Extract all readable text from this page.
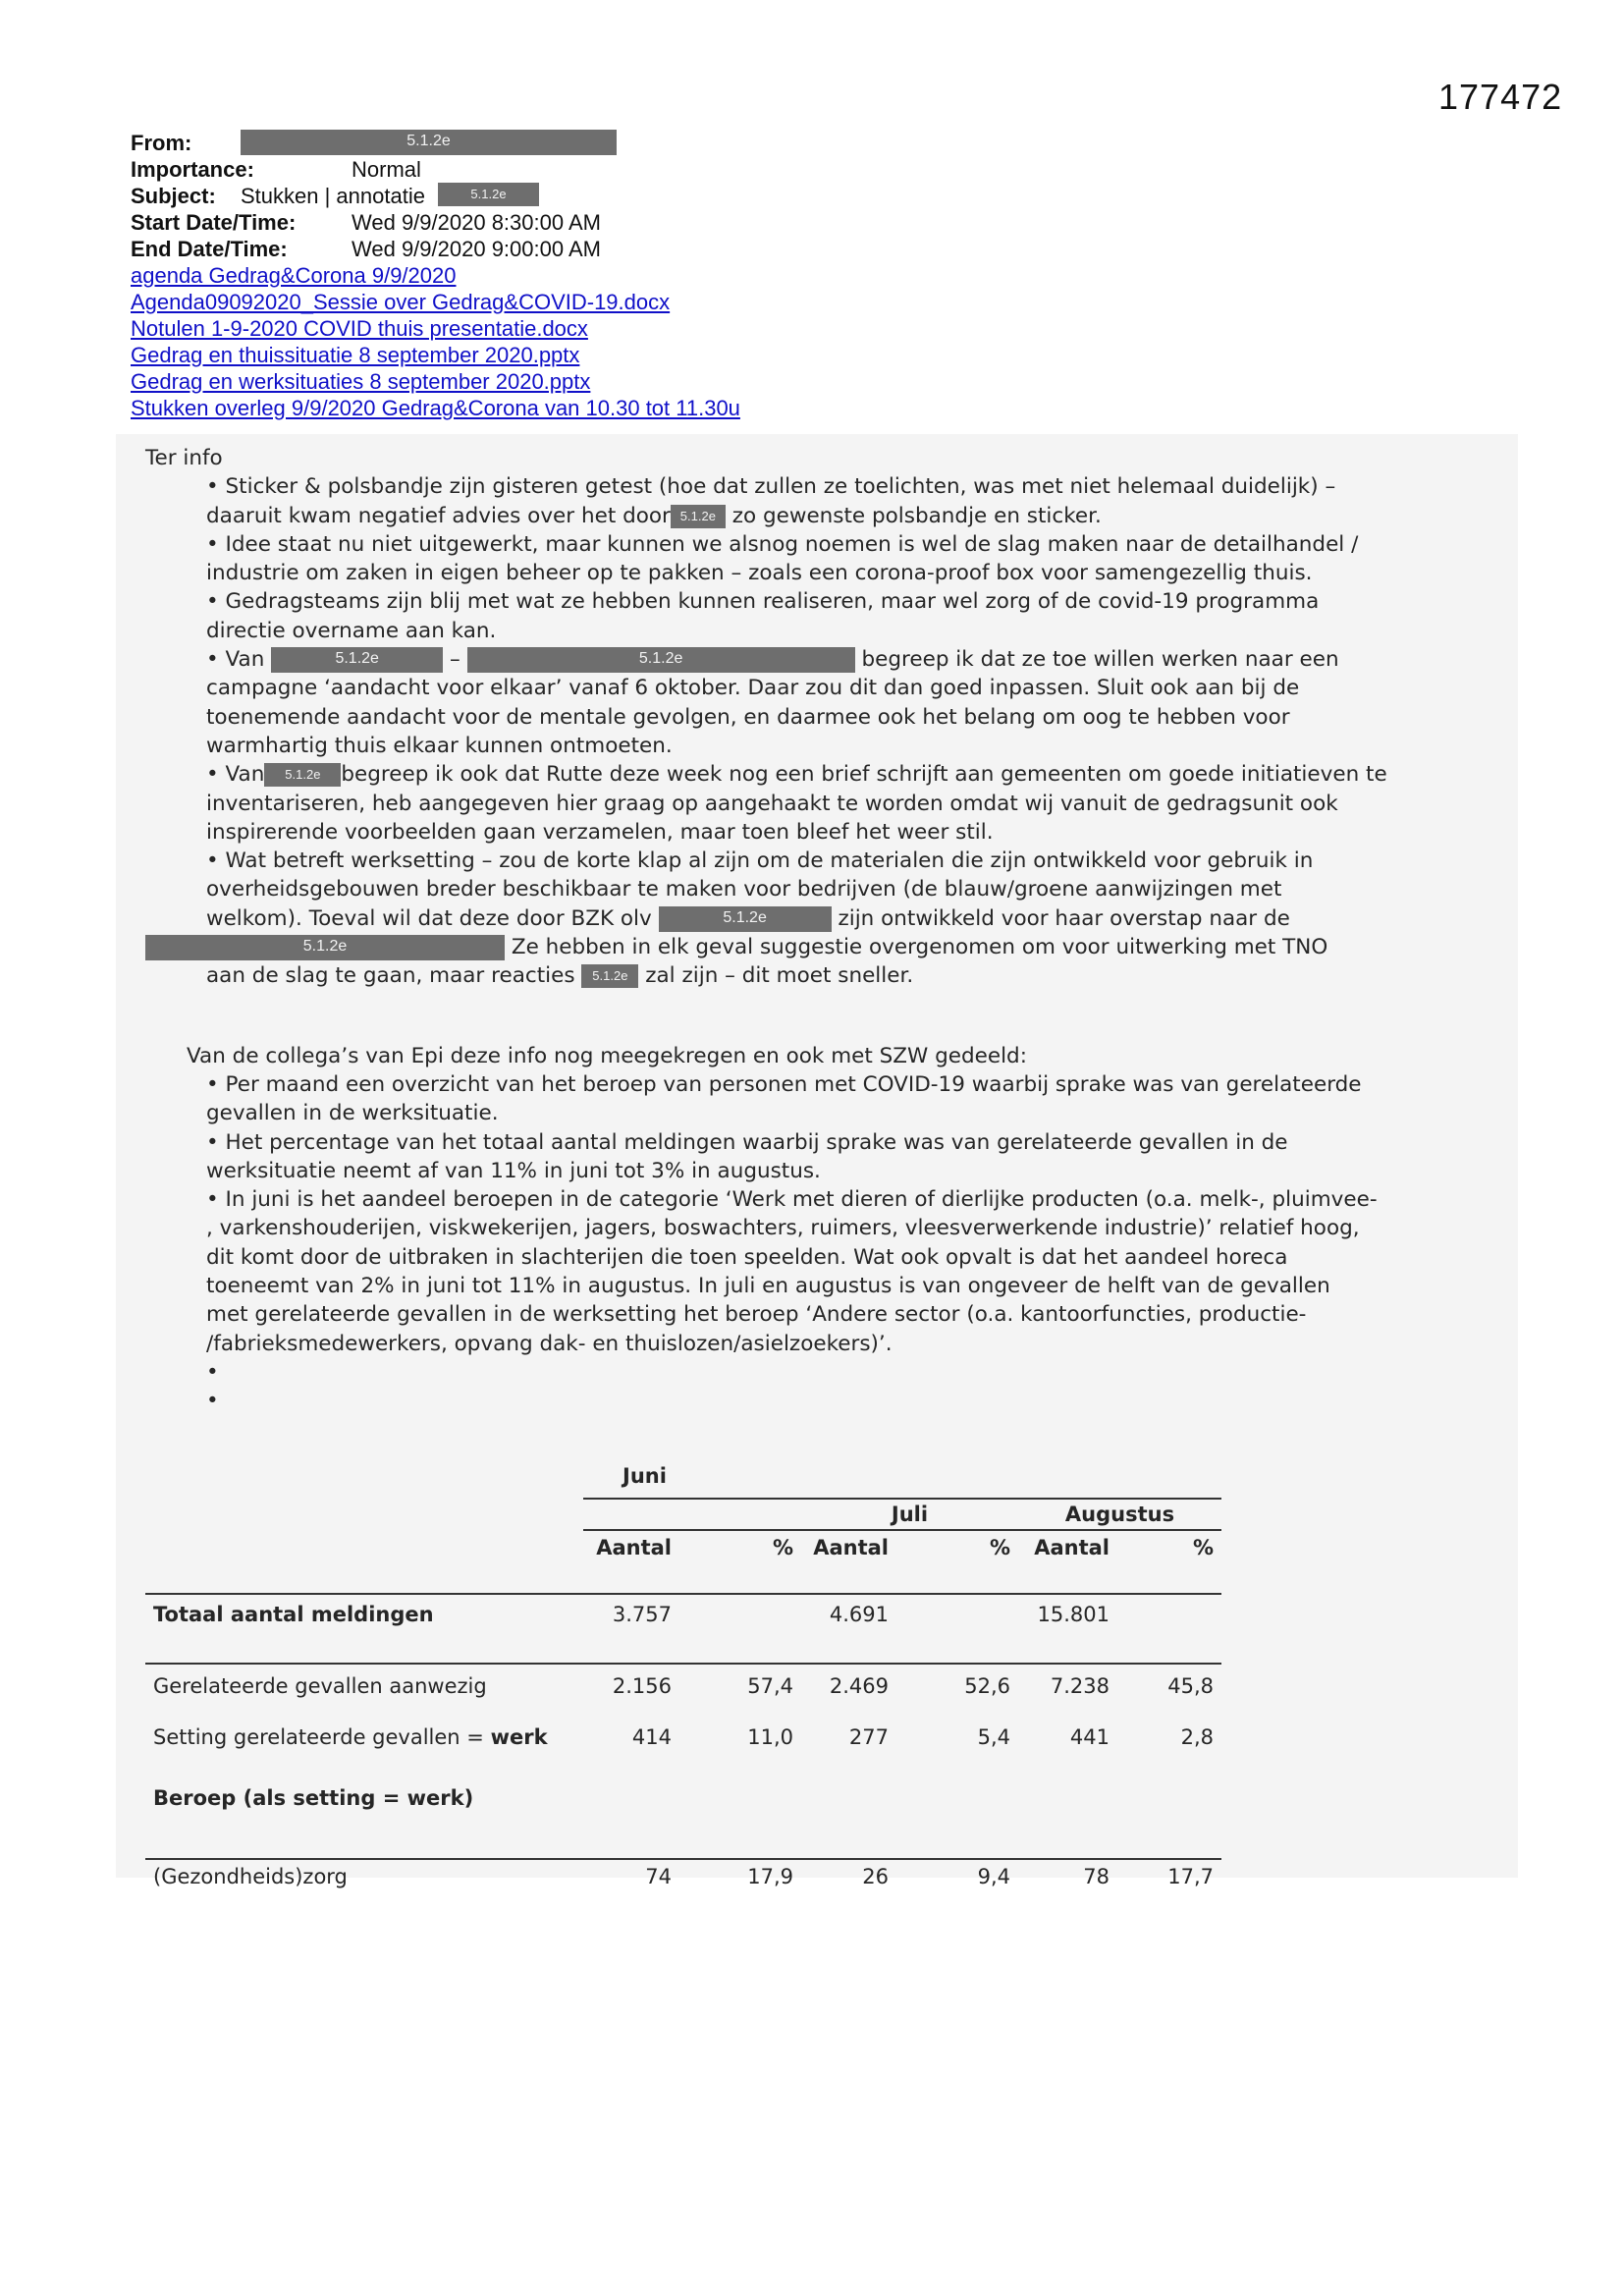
177472
From:	5.1.2e
Importance:	Normal
Subject: Stukken | annotatie	5.1.2e
Start Date/Time:	Wed 9/9/2020 8:30:00 AM
End Date/Time:	Wed 9/9/2020 9:00:00 AM
agenda Gedrag&Corona 9/9/2020
Agenda09092020_Sessie over Gedrag&COVID-19.docx
Notulen 1-9-2020 COVID thuis presentatie.docx
Gedrag en thuissituatie 8 september 2020.pptx
Gedrag en werksituaties 8 september 2020.pptx
Stukken overleg 9/9/2020 Gedrag&Corona van 10.30 tot 11.30u

Ter info

• Sticker & polsbandje zijn gisteren getest (hoe dat zullen ze toelichten, was met niet helemaal duidelijk) –

daaruit kwam negatief advies over het door 5.1.2e zo gewenste polsbandje en sticker.

• Idee staat nu niet uitgewerkt, maar kunnen we alsnog noemen is wel de slag maken naar de detailhandel /

industrie om zaken in eigen beheer op te pakken – zoals een corona-proof box voor samengezellig thuis.

• Gedragsteams zijn blij met wat ze hebben kunnen realiseren, maar wel zorg of de covid-19 programma

directie overname aan kan.

• Van	5.1.2e	–	5.1.2e	begreep ik dat ze toe willen werken naar een

campagne ‘aandacht voor elkaar’ vanaf 6 oktober. Daar zou dit dan goed inpassen. Sluit ook aan bij de

toenemende aandacht voor de mentale gevolgen, en daarmee ook het belang om oog te hebben voor

warmhartig thuis elkaar kunnen ontmoeten.

• Van 5.1.2e begreep ik ook dat Rutte deze week nog een brief schrijft aan gemeenten om goede initiatieven te

inventariseren, heb aangegeven hier graag op aangehaakt te worden omdat wij vanuit de gedragsunit ook

inspirerende voorbeelden gaan verzamelen, maar toen bleef het weer stil.

• Wat betreft werksetting – zou de korte klap al zijn om de materialen die zijn ontwikkeld voor gebruik in

overheidsgebouwen breder beschikbaar te maken voor bedrijven (de blauw/groene aanwijzingen met

welkom). Toeval wil dat deze door BZK olv	5.1.2e	zijn ontwikkeld voor haar overstap naar de

5.1.2e	Ze hebben in elk geval suggestie overgenomen om voor uitwerking met TNO

aan de slag te gaan, maar reacties 5.1.2e zal zijn – dit moet sneller.

Van de collega’s van Epi deze info nog meegekregen en ook met SZW gedeeld:

• Per maand een overzicht van het beroep van personen met COVID-19 waarbij sprake was van gerelateerde

gevallen in de werksituatie.

• Het percentage van het totaal aantal meldingen waarbij sprake was van gerelateerde gevallen in de

werksituatie neemt af van 11% in juni tot 3% in augustus.

• In juni is het aandeel beroepen in de categorie ‘Werk met dieren of dierlijke producten (o.a. melk-, pluimvee-

, varkenshouderijen, viskwekerijen, jagers, boswachters, ruimers, vleesverwerkende industrie)’ relatief hoog,

dit komt door de uitbraken in slachterijen die toen speelden. Wat ook opvalt is dat het aandeel horeca

toeneemt van 2% in juni tot 11% in augustus. In juli en augustus is van ongeveer de helft van de gevallen

met gerelateerde gevallen in de werksetting het beroep ‘Andere sector (o.a. kantoorfuncties, productie-

/fabrieksmedewerkers, opvang dak- en thuislozen/asielzoekers)’.

•

•

	Juni					
			Juli		Augustus	
	Aantal	%	Aantal	%	Aantal	%

Totaal aantal meldingen	3.757		4.691		15.801	

Gerelateerde gevallen aanwezig	2.156	57,4	2.469	52,6	7.238	45,8
Setting gerelateerde gevallen = werk	414	11,0	277	5,4	441	2,8
Beroep (als setting = werk)						

(Gezondheids)zorg	74	17,9	26	9,4	78	17,7
